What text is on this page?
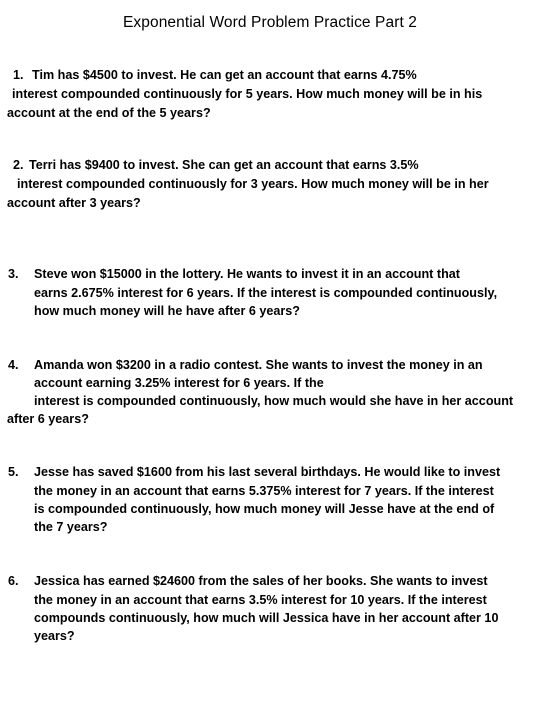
Exponential Word Problem Practice Part 2
1. Tim has $4500 to invest. He can get an account that earns 4.75%
interest compounded continuously for 5 years. How much money will be in his
account at the end of the 5 years?
2. Terri has $9400 to invest. She can get an account that earns 3.5%
interest compounded continuously for 3 years. How much money will be in her
account after 3 years?
3. Steve won $15000 in the lottery. He wants to invest it in an account that
earns 2.675% interest for 6 years. If the interest is compounded continuously,
how much money will he have after 6 years?
4. Amanda won $3200 in a radio contest. She wants to invest the money in an
account earning 3.25% interest for 6 years. If the
interest is compounded continuously, how much would she have in her account
after 6 years?
5. Jesse has saved $1600 from his last several birthdays. He would like to invest
the money in an account that earns 5.375% interest for 7 years. If the interest
is compounded continuously, how much money will Jesse have at the end of
the 7 years?
6. Jessica has earned $24600 from the sales of her books. She wants to invest
the money in an account that earns 3.5% interest for 10 years. If the interest
compounds continuously, how much will Jessica have in her account after 10
years?
